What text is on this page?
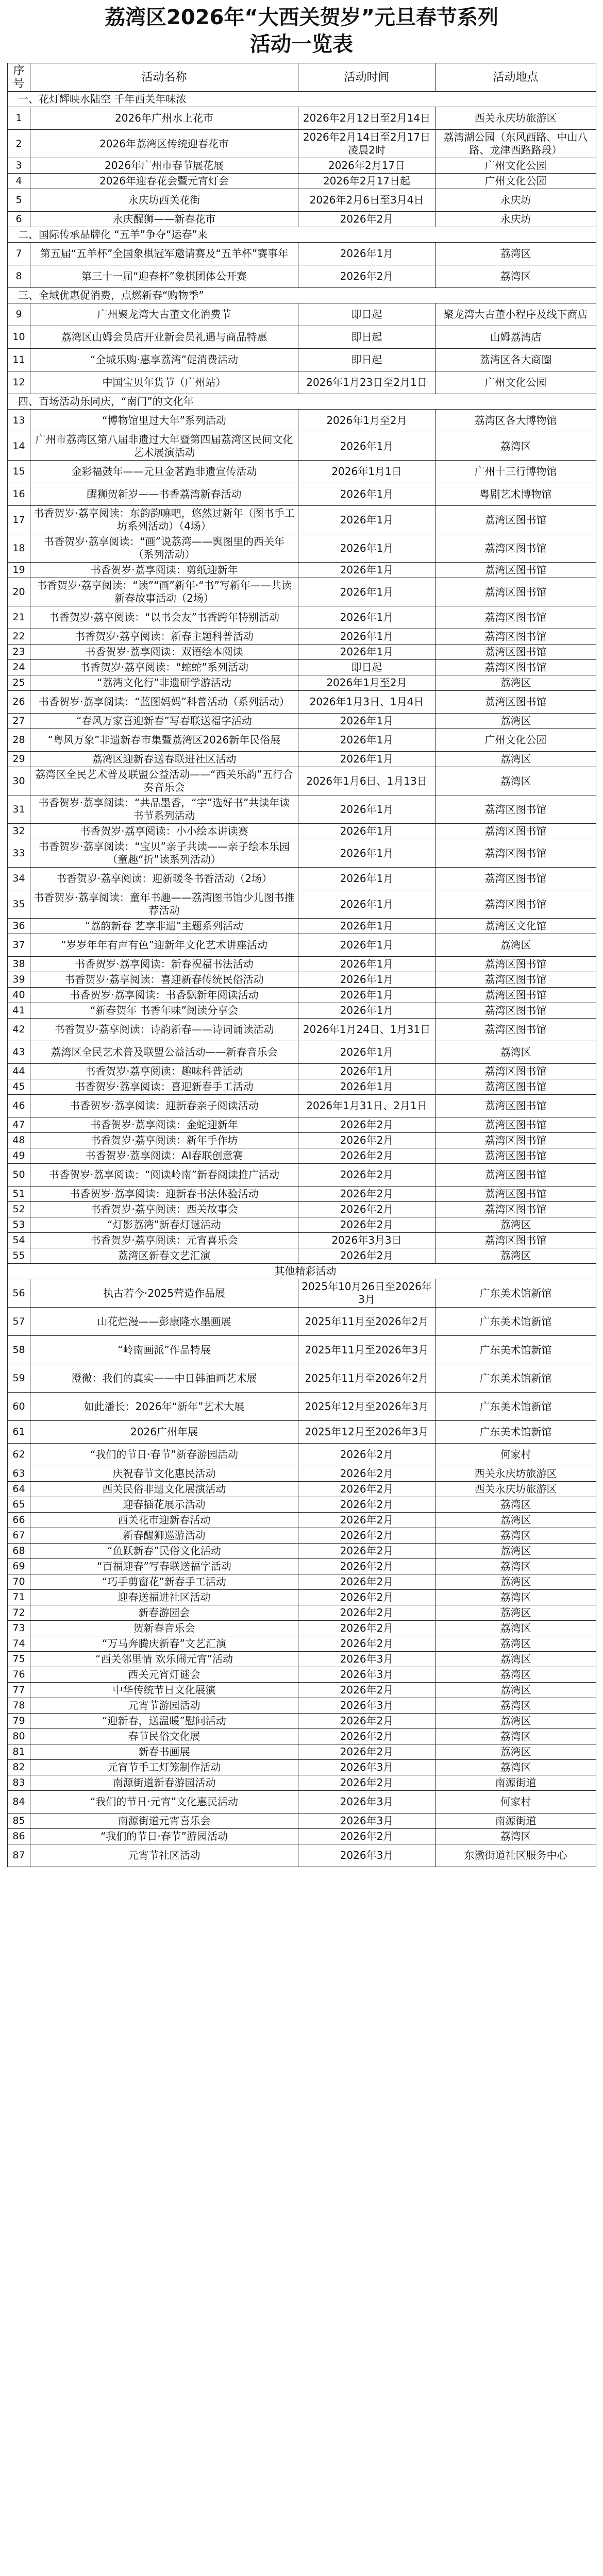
荔湾区2026年“大西关贺岁”元旦春节系列
活动一览表
序号	活动名称	活动时间	活动地点
一、花灯辉映水陆空 千年西关年味浓			
1	2026年广州水上花市	2026年2月12日至2月14日	西关永庆坊旅游区
2	2026年荔湾区传统迎春花市	2026年2月14日至2月17日凌晨2时	荔湾湖公园（东风西路、中山八路、龙津西路路段）
3	2026年广州市春节展花展	2026年2月17日	广州文化公园
4	2026年迎春花会暨元宵灯会	2026年2月17日起	广州文化公园
5	永庆坊西关花街	2026年2月6日至3月4日	永庆坊
6	永庆醒狮——新春花市	2026年2月	永庆坊
二、国际传承品牌化 “五羊”争夺“运春”来			
7	第五届“五羊杯”全国象棋冠军邀请赛及“五羊杯”赛事年	2026年1月	荔湾区
8	第三十一届“迎春杯”象棋团体公开赛	2026年2月	荔湾区
三、全域优惠促消费，点燃新春“购物季”			
9	广州聚龙湾大古董文化消费节	即日起	聚龙湾大古董小程序及线下商店
10	荔湾区山姆会员店开业新会员礼遇与商品特惠	即日起	山姆荔湾店
11	“全城乐购·惠享荔湾”促消费活动	即日起	荔湾区各大商圈
12	中国宝贝年货节（广州站）	2026年1月23日至2月1日	广州文化公园
四、百场活动乐同庆，“南门”的文化年			
13	“博物馆里过大年”系列活动	2026年1月至2月	荔湾区各大博物馆
14	广州市荔湾区第八届非遗过大年暨第四届荔湾区民间文化艺术展演活动	2026年1月	荔湾区
15	金彩福鼓年——元旦金茗跑非遗宣传活动	2026年1月1日	广州十三行博物馆
16	醒狮贺新岁——书香荔湾新春活动	2026年1月	粤剧艺术博物馆
17	书香贺岁·荔享阅读：东韵韵嘛吧，悠然过新年（图书手工坊系列活动）（4场）	2026年1月	荔湾区图书馆
18	书香贺岁·荔享阅读：“画”说荔湾——舆图里的西关年（系列活动）	2026年1月	荔湾区图书馆
19	书香贺岁·荔享阅读：剪纸迎新年	2026年1月	荔湾区图书馆
20	书香贺岁·荔享阅读：“读”“画”新年·“书”写新年——共读新春故事活动（2场）	2026年1月	荔湾区图书馆
21	书香贺岁·荔享阅读：“以书会友”书香跨年特别活动	2026年1月	荔湾区图书馆
22	书香贺岁·荔享阅读：新春主题科普活动	2026年1月	荔湾区图书馆
23	书香贺岁·荔享阅读：双语绘本阅读	2026年1月	荔湾区图书馆
24	书香贺岁·荔享阅读：“蛇蛇”系列活动	即日起	荔湾区图书馆
25	“荔湾文化行”非遗研学游活动	2026年1月至2月	荔湾区
26	书香贺岁·荔享阅读：“蓝图妈妈”科普活动（系列活动）	2026年1月3日、1月4日	荔湾区图书馆
27	“春风万家喜迎新春”写春联送福字活动	2026年1月	荔湾区
28	“粤风万象”非遗新春市集暨荔湾区2026新年民俗展	2026年1月	广州文化公园
29	荔湾区迎新春送春联进社区活动	2026年1月	荔湾区
30	荔湾区全民艺术普及联盟公益活动——“西关乐韵”五行合奏音乐会	2026年1月6日、1月13日	荔湾区
31	书香贺岁·荔享阅读：“共品墨香，“字”选好书”共读年读书节系列活动	2026年1月	荔湾区图书馆
32	书香贺岁·荔享阅读：小小绘本讲读赛	2026年1月	荔湾区图书馆
33	书香贺岁·荔享阅读：“宝贝”亲子共读——亲子绘本乐园（童趣“折”读系列活动）	2026年1月	荔湾区图书馆
34	书香贺岁·荔享阅读：迎新暖冬书香活动（2场）	2026年1月	荔湾区图书馆
35	书香贺岁·荔享阅读：童年书趣——荔湾图书馆少儿图书推荐活动	2026年1月	荔湾区图书馆
36	“荔韵新春 艺享非遗”主题系列活动	2026年1月	荔湾区文化馆
37	“岁岁年年有声有色”迎新年文化艺术讲座活动	2026年1月	荔湾区
38	书香贺岁·荔享阅读：新春祝福书法活动	2026年1月	荔湾区图书馆
39	书香贺岁·荔享阅读：喜迎新春传统民俗活动	2026年1月	荔湾区图书馆
40	书香贺岁·荔享阅读：书香飘新年阅读活动	2026年1月	荔湾区图书馆
41	“新春贺年 书香年味”阅读分享会	2026年1月	荔湾区图书馆
42	书香贺岁·荔享阅读：诗韵新春——诗词诵读活动	2026年1月24日、1月31日	荔湾区图书馆
43	荔湾区全民艺术普及联盟公益活动——新春音乐会	2026年1月	荔湾区
44	书香贺岁·荔享阅读：趣味科普活动	2026年1月	荔湾区图书馆
45	书香贺岁·荔享阅读：喜迎新春手工活动	2026年1月	荔湾区图书馆
46	书香贺岁·荔享阅读：迎新春亲子阅读活动	2026年1月31日、2月1日	荔湾区图书馆
47	书香贺岁·荔享阅读：金蛇迎新年	2026年2月	荔湾区图书馆
48	书香贺岁·荔享阅读：新年手作坊	2026年2月	荔湾区图书馆
49	书香贺岁·荔享阅读：AI春联创意赛	2026年2月	荔湾区图书馆
50	书香贺岁·荔享阅读：“阅读岭南”新春阅读推广活动	2026年2月	荔湾区图书馆
51	书香贺岁·荔享阅读：迎新春书法体验活动	2026年2月	荔湾区图书馆
52	书香贺岁·荔享阅读：西关故事会	2026年2月	荔湾区图书馆
53	“灯影荔湾”新春灯谜活动	2026年2月	荔湾区
54	书香贺岁·荔享阅读：元宵喜乐会	2026年3月3日	荔湾区图书馆
55	荔湾区新春文艺汇演	2026年2月	荔湾区
其他精彩活动			
56	执古若今·2025营造作品展	2025年10月26日至2026年3月	广东美术馆新馆
57	山花烂漫——彭康隆水墨画展	2025年11月至2026年2月	广东美术馆新馆
58	“岭南画派”作品特展	2025年11月至2026年3月	广东美术馆新馆
59	澄微：我们的真实——中日韩油画艺术展	2025年11月至2026年2月	广东美术馆新馆
60	如此潘长：2026年“新年”艺术大展	2025年12月至2026年3月	广东美术馆新馆
61	2026广州年展	2025年12月至2026年3月	广东美术馆新馆
62	“我们的节日·春节”新春游园活动	2026年2月	何家村
63	庆祝春节文化惠民活动	2026年2月	西关永庆坊旅游区
64	西关民俗非遗文化展演活动	2026年2月	西关永庆坊旅游区
65	迎春插花展示活动	2026年2月	荔湾区
66	西关花市迎新春活动	2026年2月	荔湾区
67	新春醒狮巡游活动	2026年2月	荔湾区
68	“鱼跃新春”民俗文化活动	2026年2月	荔湾区
69	“百福迎春”写春联送福字活动	2026年2月	荔湾区
70	“巧手剪窗花”新春手工活动	2026年2月	荔湾区
71	迎春送福进社区活动	2026年2月	荔湾区
72	新春游园会	2026年2月	荔湾区
73	贺新春音乐会	2026年2月	荔湾区
74	“万马奔腾庆新春”文艺汇演	2026年2月	荔湾区
75	“西关邻里情 欢乐闹元宵”活动	2026年3月	荔湾区
76	西关元宵灯谜会	2026年3月	荔湾区
77	中华传统节日文化展演	2026年2月	荔湾区
78	元宵节游园活动	2026年3月	荔湾区
79	“迎新春，送温暖”慰问活动	2026年2月	荔湾区
80	春节民俗文化展	2026年2月	荔湾区
81	新春书画展	2026年2月	荔湾区
82	元宵节手工灯笼制作活动	2026年3月	荔湾区
83	南源街道新春游园活动	2026年2月	南源街道
84	“我们的节日·元宵”文化惠民活动	2026年3月	何家村
85	南源街道元宵喜乐会	2026年3月	南源街道
86	“我们的节日·春节”游园活动	2026年2月	荔湾区
87	元宵节社区活动	2026年3月	东漖街道社区服务中心
